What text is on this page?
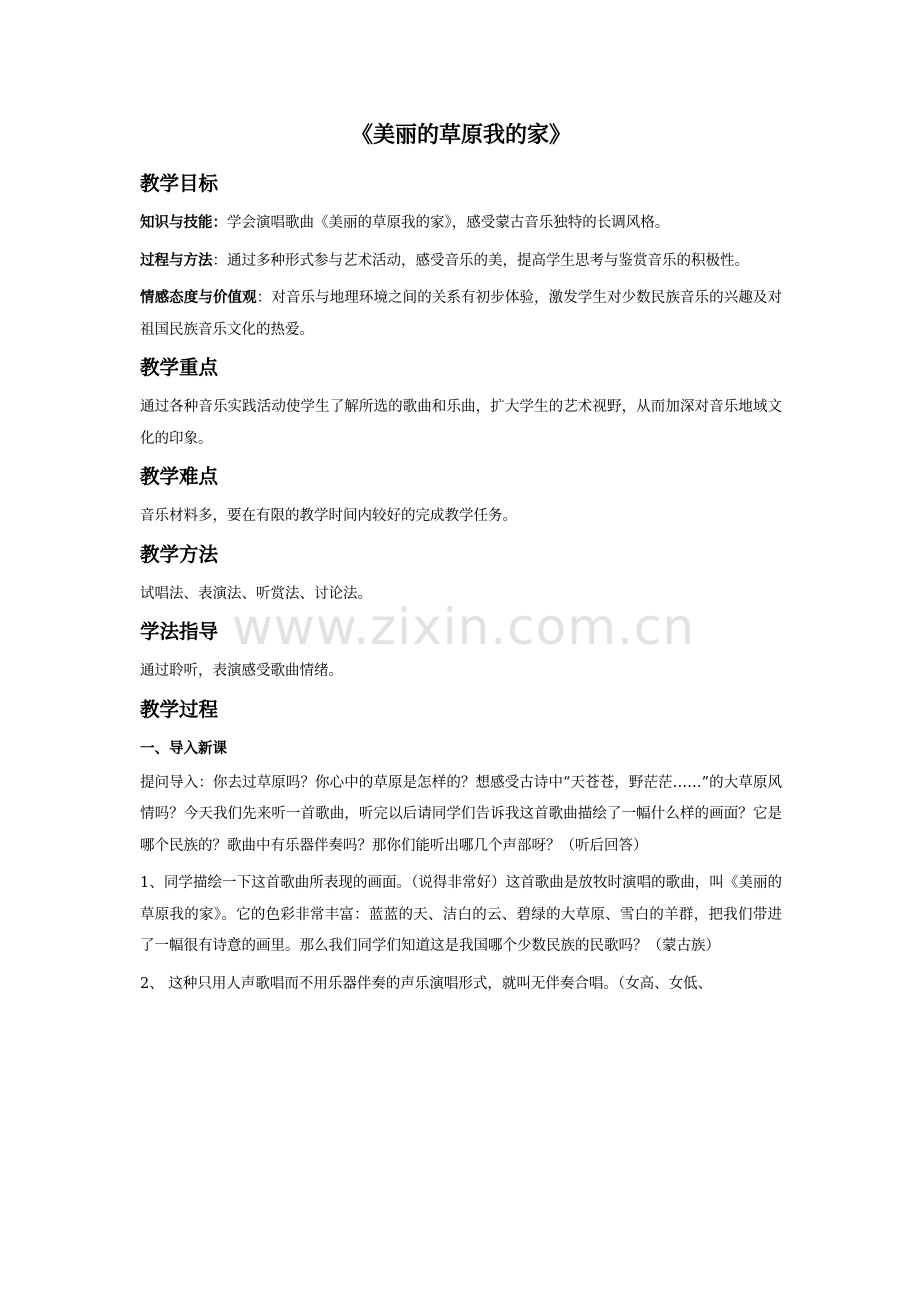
www.zixin.com.cn
《美丽的草原我的家》
教学目标
知识与技能：学会演唱歌曲《美丽的草原我的家》，感受蒙古音乐独特的长调风格。
过程与方法：通过多种形式参与艺术活动，感受音乐的美，提高学生思考与鉴赏音乐的积极性。
情感态度与价值观：对音乐与地理环境之间的关系有初步体验，激发学生对少数民族音乐的兴趣及对祖国民族音乐文化的热爱。
教学重点
通过各种音乐实践活动使学生了解所选的歌曲和乐曲，扩大学生的艺术视野，从而加深对音乐地域文化的印象。
教学难点
音乐材料多，要在有限的教学时间内较好的完成教学任务。
教学方法
试唱法、表演法、听赏法、讨论法。
学法指导
通过聆听，表演感受歌曲情绪。
教学过程
一、导入新课
提问导入：你去过草原吗？你心中的草原是怎样的？想感受古诗中“天苍苍，野茫茫……”的大草原风情吗？今天我们先来听一首歌曲，听完以后请同学们告诉我这首歌曲描绘了一幅什么样的画面？它是哪个民族的？歌曲中有乐器伴奏吗？那你们能听出哪几个声部呀？（听后回答）
1、同学描绘一下这首歌曲所表现的画面。（说得非常好）这首歌曲是放牧时演唱的歌曲，叫《美丽的草原我的家》。它的色彩非常丰富：蓝蓝的天、洁白的云、碧绿的大草原、雪白的羊群，把我们带进了一幅很有诗意的画里。那么我们同学们知道这是我国哪个少数民族的民歌吗？（蒙古族）
2、 这种只用人声歌唱而不用乐器伴奏的声乐演唱形式，就叫无伴奏合唱。（女高、女低、
